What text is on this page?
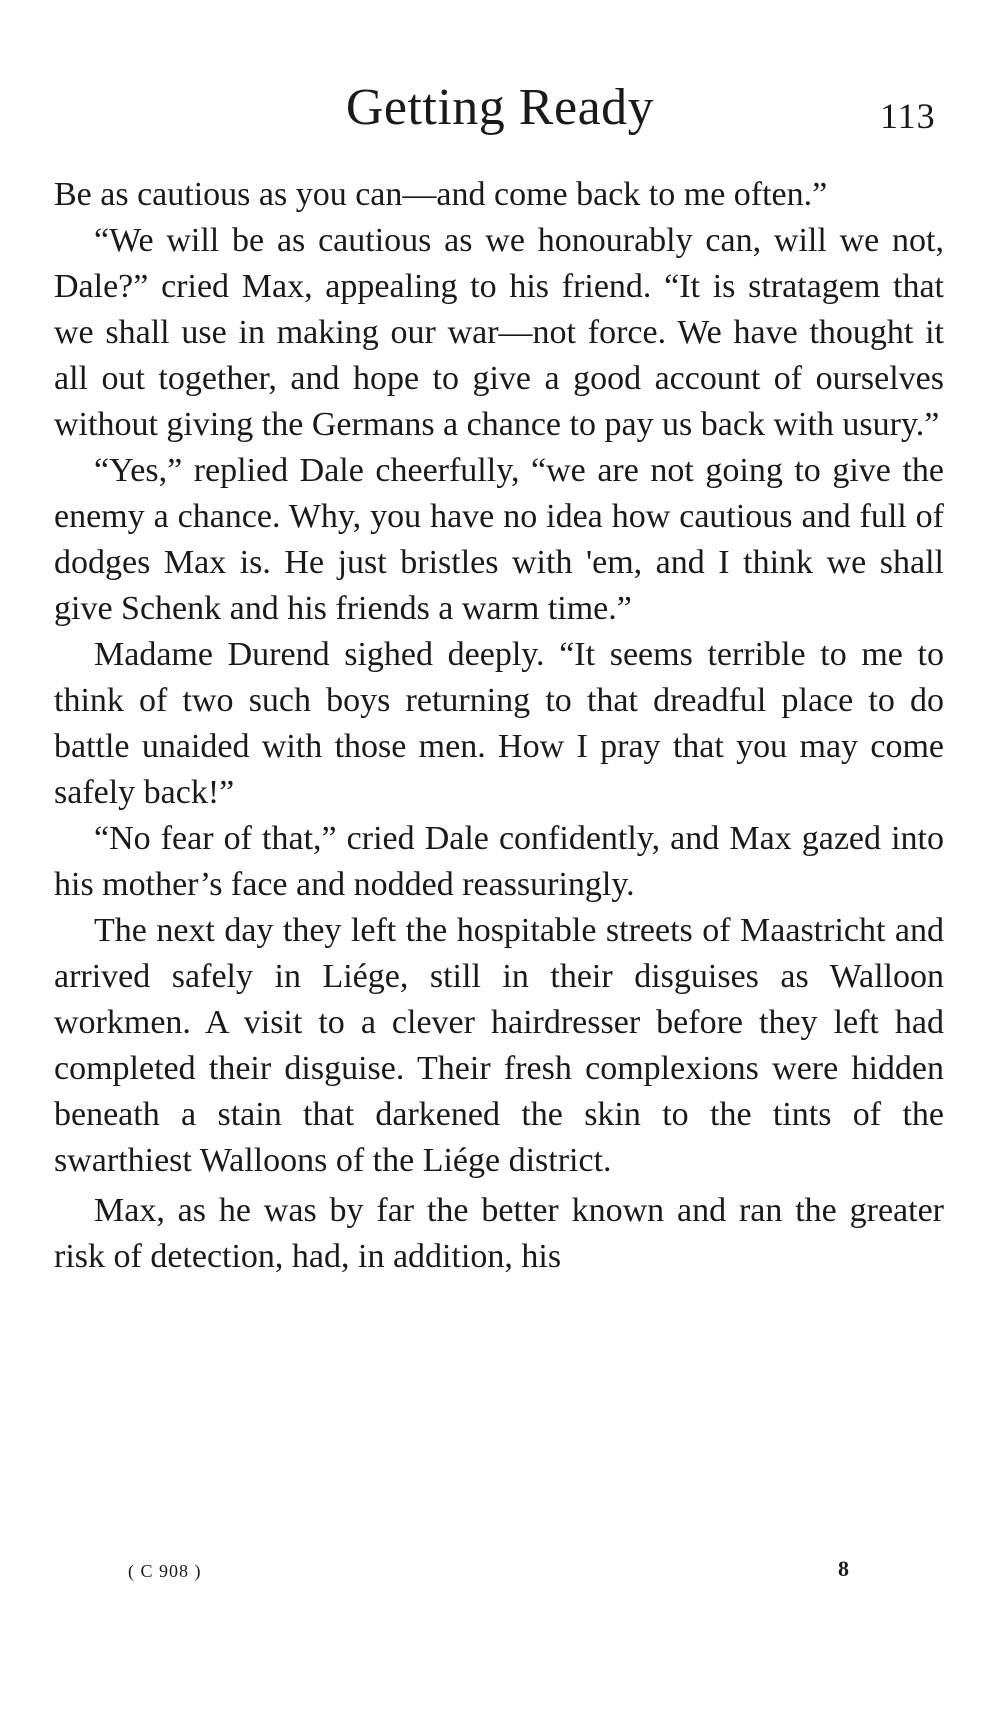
Getting Ready	113

Be as cautious as you can—and come back to me often.”

“We will be as cautious as we honourably can, will we not, Dale?” cried Max, appealing to his friend. “It is stratagem that we shall use in making our war—not force. We have thought it all out together, and hope to give a good account of ourselves without giving the Germans a chance to pay us back with usury.”

“Yes,” replied Dale cheerfully, “we are not going to give the enemy a chance. Why, you have no idea how cautious and full of dodges Max is. He just bristles with 'em, and I think we shall give Schenk and his friends a warm time.”

Madame Durend sighed deeply. “It seems terrible to me to think of two such boys returning to that dreadful place to do battle unaided with those men. How I pray that you may come safely back!”

“No fear of that,” cried Dale confidently, and Max gazed into his mother’s face and nodded reassuringly.

The next day they left the hospitable streets of Maastricht and arrived safely in Liége, still in their disguises as Walloon workmen. A visit to a clever hairdresser before they left had completed their disguise. Their fresh complexions were hidden beneath a stain that darkened the skin to the tints of the swarthiest Walloons of the Liége district.

Max, as he was by far the better known and ran the greater risk of detection, had, in addition, his

( C 908 )	8
